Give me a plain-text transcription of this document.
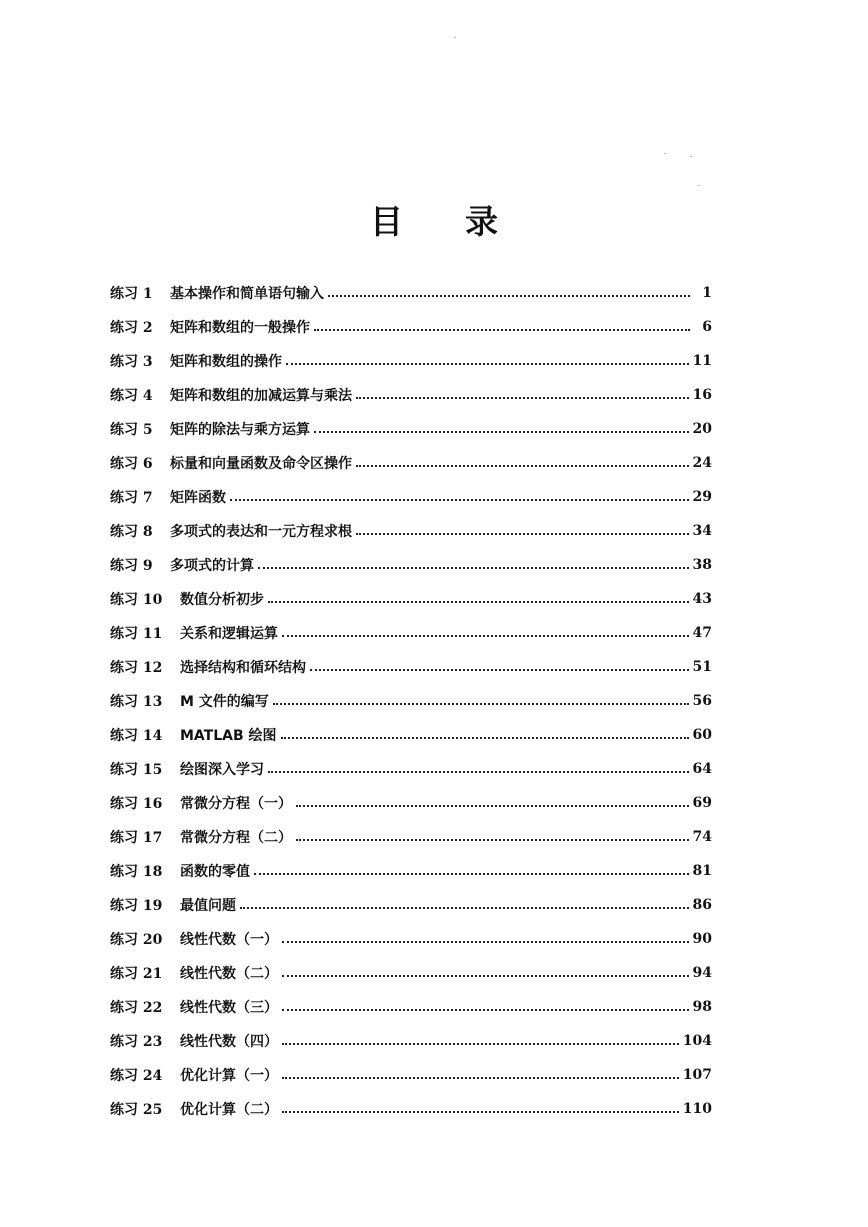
目 录
练习 1	基本操作和简单语句输入	1
练习 2	矩阵和数组的一般操作	6
练习 3	矩阵和数组的操作	11
练习 4	矩阵和数组的加减运算与乘法	16
练习 5	矩阵的除法与乘方运算	20
练习 6	标量和向量函数及命令区操作	24
练习 7	矩阵函数	29
练习 8	多项式的表达和一元方程求根	34
练习 9	多项式的计算	38
练习 10	数值分析初步	43
练习 11	关系和逻辑运算	47
练习 12	选择结构和循环结构	51
练习 13	M 文件的编写	56
练习 14	MATLAB 绘图	60
练习 15	绘图深入学习	64
练习 16	常微分方程（一）	69
练习 17	常微分方程（二）	74
练习 18	函数的零值	81
练习 19	最值问题	86
练习 20	线性代数（一）	90
练习 21	线性代数（二）	94
练习 22	线性代数（三）	98
练习 23	线性代数（四）	104
练习 24	优化计算（一）	107
练习 25	优化计算（二）	110
